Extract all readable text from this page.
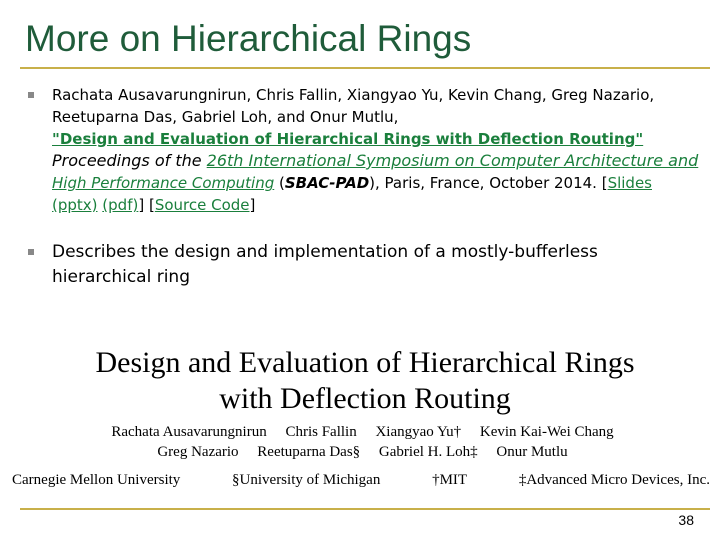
More on Hierarchical Rings
Rachata Ausavarungnirun, Chris Fallin, Xiangyao Yu, Kevin Chang, Greg Nazario,
Reetuparna Das, Gabriel Loh, and Onur Mutlu,
"Design and Evaluation of Hierarchical Rings with Deflection Routing"
Proceedings of the 26th International Symposium on Computer Architecture and
High Performance Computing (SBAC-PAD), Paris, France, October 2014. [Slides
(pptx) (pdf)] [Source Code]
Describes the design and implementation of a mostly-bufferless
hierarchical ring
Design and Evaluation of Hierarchical Rings
with Deflection Routing
Rachata Ausavarungnirun     Chris Fallin     Xiangyao Yu†     Kevin Kai-Wei Chang
Greg Nazario     Reetuparna Das§     Gabriel H. Loh‡     Onur Mutlu
Carnegie Mellon University	§University of Michigan	†MIT	‡Advanced Micro Devices, Inc.
38
